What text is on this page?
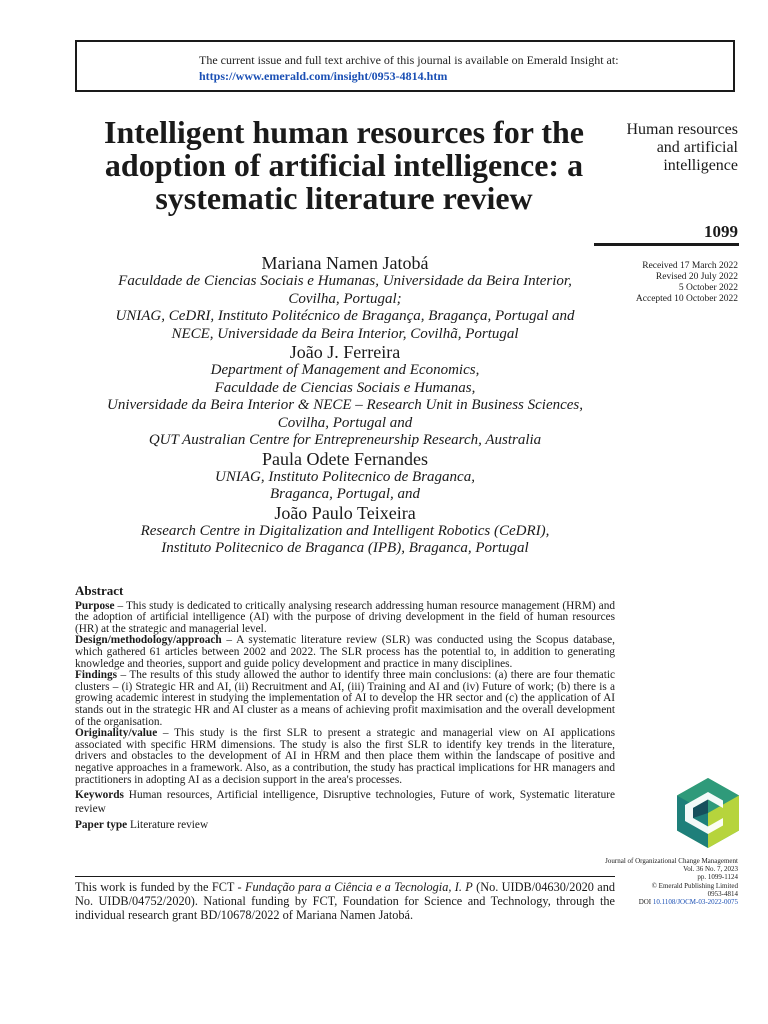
The current issue and full text archive of this journal is available on Emerald Insight at:
https://www.emerald.com/insight/0953-4814.htm
Intelligent human resources for the adoption of artificial intelligence: a systematic literature review
Human resources and artificial intelligence
1099
Received 17 March 2022
Revised 20 July 2022
5 October 2022
Accepted 10 October 2022
Mariana Namen Jatobá
Faculdade de Ciencias Sociais e Humanas, Universidade da Beira Interior,
Covilha, Portugal;
UNIAG, CeDRI, Instituto Politécnico de Bragança, Bragança, Portugal and
NECE, Universidade da Beira Interior, Covilhã, Portugal
João J. Ferreira
Department of Management and Economics,
Faculdade de Ciencias Sociais e Humanas,
Universidade da Beira Interior & NECE – Research Unit in Business Sciences,
Covilha, Portugal and
QUT Australian Centre for Entrepreneurship Research, Australia
Paula Odete Fernandes
UNIAG, Instituto Politecnico de Braganca,
Braganca, Portugal, and
João Paulo Teixeira
Research Centre in Digitalization and Intelligent Robotics (CeDRI),
Instituto Politecnico de Braganca (IPB), Braganca, Portugal
Abstract

Purpose – This study is dedicated to critically analysing research addressing human resource management (HRM) and the adoption of artificial intelligence (AI) with the purpose of driving development in the field of human resources (HR) at the strategic and managerial level.

Design/methodology/approach – A systematic literature review (SLR) was conducted using the Scopus database, which gathered 61 articles between 2002 and 2022. The SLR process has the potential to, in addition to generating knowledge and theories, support and guide policy development and practice in many disciplines.

Findings – The results of this study allowed the author to identify three main conclusions: (a) there are four thematic clusters – (i) Strategic HR and AI, (ii) Recruitment and AI, (iii) Training and AI and (iv) Future of work; (b) there is a growing academic interest in studying the implementation of AI to develop the HR sector and (c) the application of AI stands out in the strategic HR and AI cluster as a means of achieving profit maximisation and the overall development of the organisation.

Originality/value – This study is the first SLR to present a strategic and managerial view on AI applications associated with specific HRM dimensions. The study is also the first SLR to identify key trends in the literature, drivers and obstacles to the development of AI in HRM and then place them within the landscape of positive and negative approaches in a framework. Also, as a contribution, the study has practical implications for HR managers and practitioners in adopting AI as a decision support in the area's processes.

Keywords Human resources, Artificial intelligence, Disruptive technologies, Future of work, Systematic literature review

Paper type Literature review

This work is funded by the FCT - Fundação para a Ciência e a Tecnologia, I. P (No. UIDB/04630/2020 and No. UIDB/04752/2020). National funding by FCT, Foundation for Science and Technology, through the individual research grant BD/10678/2022 of Mariana Namen Jatobá.
Journal of Organizational Change Management
Vol. 36 No. 7, 2023
pp. 1099-1124
© Emerald Publishing Limited
0953-4814
DOI 10.1108/JOCM-03-2022-0075
